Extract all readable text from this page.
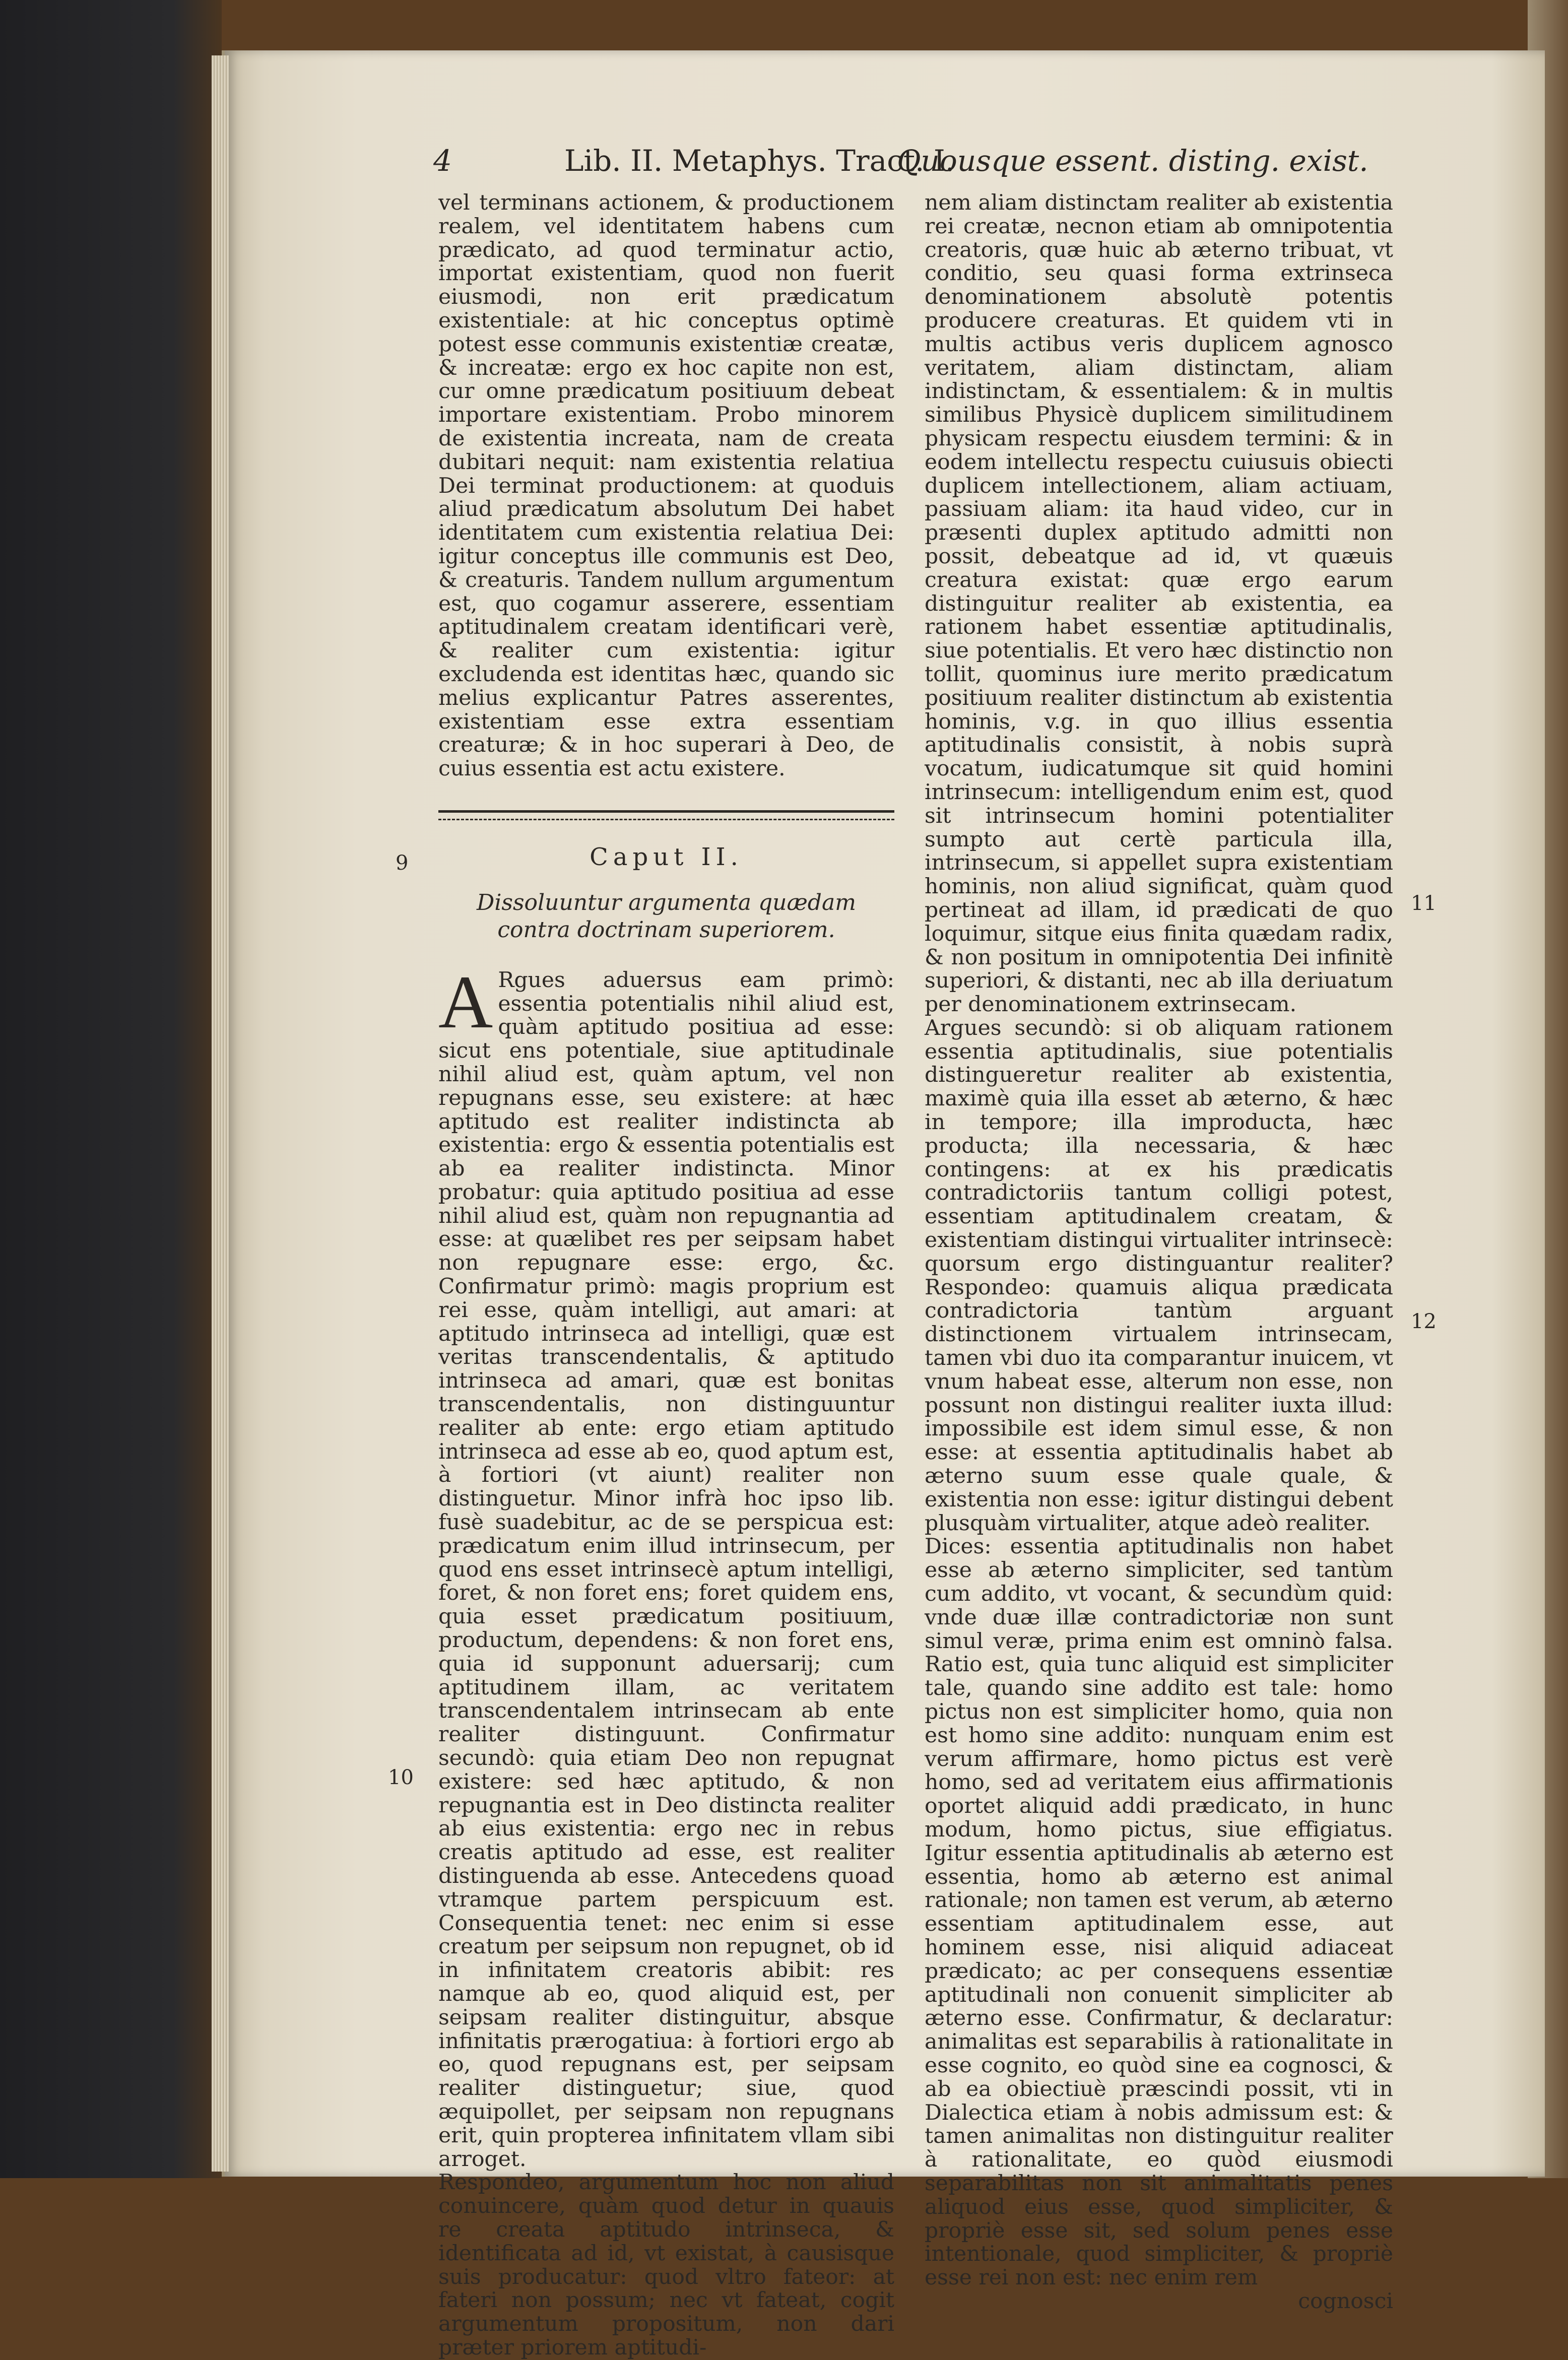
4	Lib. II. Metaphys. Tract. I.
Quousque essent. disting. exist.

vel terminans actionem, & productionem realem, vel identitatem habens cum prædicato, ad quod terminatur actio, importat existentiam, quod non fuerit eiusmodi, non erit prædicatum existentiale: at hic conceptus optimè potest esse communis existentiæ creatæ, & increatæ: ergo ex hoc capite non est, cur omne prædicatum positiuum debeat importare existentiam. Probo minorem de existentia increata, nam de creata dubitari nequit: nam existentia relatiua Dei terminat productionem: at quoduis aliud prædicatum absolutum Dei habet identitatem cum existentia relatiua Dei: igitur conceptus ille communis est Deo, & creaturis. Tandem nullum argumentum est, quo cogamur asserere, essentiam aptitudinalem creatam identificari verè, & realiter cum existentia: igitur excludenda est identitas hæc, quando sic melius explicantur Patres asserentes, existentiam esse extra essentiam creaturæ; & in hoc superari à Deo, de cuius essentia est actu existere.

Caput II.
Dissoluuntur argumenta quædam contra doctrinam superiorem.

A Rgues aduersus eam primò: essentia potentialis nihil aliud est, quàm aptitudo positiua ad esse: sicut ens potentiale, siue aptitudinale nihil aliud est, quàm aptum, vel non repugnans esse, seu existere: at hæc aptitudo est realiter indistincta ab existentia: ergo & essentia potentialis est ab ea realiter indistincta. Minor probatur: quia aptitudo positiua ad esse nihil aliud est, quàm non repugnantia ad esse: at quælibet res per seipsam habet non repugnare esse: ergo, &c. Confirmatur primò: magis proprium est rei esse, quàm intelligi, aut amari: at aptitudo intrinseca ad intelligi, quæ est veritas transcendentalis, & aptitudo intrinseca ad amari, quæ est bonitas transcendentalis, non distinguuntur realiter ab ente: ergo etiam aptitudo intrinseca ad esse ab eo, quod aptum est, à fortiori (vt aiunt) realiter non distinguetur. Minor infrà hoc ipso lib. fusè suadebitur, ac de se perspicua est: prædicatum enim illud intrinsecum, per quod ens esset intrinsecè aptum intelligi, foret, & non foret ens; foret quidem ens, quia esset prædicatum positiuum, productum, dependens: & non foret ens, quia id supponunt aduersarij; cum aptitudinem illam, ac veritatem transcendentalem intrinsecam ab ente realiter distinguunt. Confirmatur secundò: quia etiam Deo non repugnat existere: sed hæc aptitudo, & non repugnantia est in Deo distincta realiter ab eius existentia: ergo nec in rebus creatis aptitudo ad esse, est realiter distinguenda ab esse. Antecedens quoad vtramque partem perspicuum est. Consequentia tenet: nec enim si esse creatum per seipsum non repugnet, ob id in infinitatem creatoris abibit: res namque ab eo, quod aliquid est, per seipsam realiter distinguitur, absque infinitatis prærogatiua: à fortiori ergo ab eo, quod repugnans est, per seipsam realiter distinguetur; siue, quod æquipollet, per seipsam non repugnans erit, quin propterea infinitatem vllam sibi arroget.

Respondeo, argumentum hoc non aliud conuincere, quàm quod detur in quauis re creata aptitudo intrinseca, & identificata ad id, vt existat, à causisque suis producatur: quod vltro fateor: at fateri non possum; nec vt fateat, cogit argumentum propositum, non dari præter priorem aptitudi-

nem aliam distinctam realiter ab existentia rei creatæ, necnon etiam ab omnipotentia creatoris, quæ huic ab æterno tribuat, vt conditio, seu quasi forma extrinseca denominationem absolutè potentis producere creaturas. Et quidem vti in multis actibus veris duplicem agnosco veritatem, aliam distinctam, aliam indistinctam, & essentialem: & in multis similibus Physicè duplicem similitudinem physicam respectu eiusdem termini: & in eodem intellectu respectu cuiusuis obiecti duplicem intellectionem, aliam actiuam, passiuam aliam: ita haud video, cur in præsenti duplex aptitudo admitti non possit, debeatque ad id, vt quæuis creatura existat: quæ ergo earum distinguitur realiter ab existentia, ea rationem habet essentiæ aptitudinalis, siue potentialis. Et vero hæc distinctio non tollit, quominus iure merito prædicatum positiuum realiter distinctum ab existentia hominis, v.g. in quo illius essentia aptitudinalis consistit, à nobis suprà vocatum, iudicatumque sit quid homini intrinsecum: intelligendum enim est, quod sit intrinsecum homini potentialiter sumpto aut certè particula illa, intrinsecum, si appellet supra existentiam hominis, non aliud significat, quàm quod pertineat ad illam, id prædicati de quo loquimur, sitque eius finita quædam radix, & non positum in omnipotentia Dei infinitè superiori, & distanti, nec ab illa deriuatum per denominationem extrinsecam.

Argues secundò: si ob aliquam rationem essentia aptitudinalis, siue potentialis distingueretur realiter ab existentia, maximè quia illa esset ab æterno, & hæc in tempore; illa improducta, hæc producta; illa necessaria, & hæc contingens: at ex his prædicatis contradictoriis tantum colligi potest, essentiam aptitudinalem creatam, & existentiam distingui virtualiter intrinsecè: quorsum ergo distinguantur realiter? Respondeo: quamuis aliqua prædicata contradictoria tantùm arguant distinctionem virtualem intrinsecam, tamen vbi duo ita comparantur inuicem, vt vnum habeat esse, alterum non esse, non possunt non distingui realiter iuxta illud: impossibile est idem simul esse, & non esse: at essentia aptitudinalis habet ab æterno suum esse quale quale, & existentia non esse: igitur distingui debent plusquàm virtualiter, atque adeò realiter.

Dices: essentia aptitudinalis non habet esse ab æterno simpliciter, sed tantùm cum addito, vt vocant, & secundùm quid: vnde duæ illæ contradictoriæ non sunt simul veræ, prima enim est omninò falsa. Ratio est, quia tunc aliquid est simpliciter tale, quando sine addito est tale: homo pictus non est simpliciter homo, quia non est homo sine addito: nunquam enim est verum affirmare, homo pictus est verè homo, sed ad veritatem eius affirmationis oportet aliquid addi prædicato, in hunc modum, homo pictus, siue effigiatus. Igitur essentia aptitudinalis ab æterno est essentia, homo ab æterno est animal rationale; non tamen est verum, ab æterno essentiam aptitudinalem esse, aut hominem esse, nisi aliquid adiaceat prædicato; ac per consequens essentiæ aptitudinali non conuenit simpliciter ab æterno esse. Confirmatur, & declaratur: animalitas est separabilis à rationalitate in esse cognito, eo quòd sine ea cognosci, & ab ea obiectiuè præscindi possit, vti in Dialectica etiam à nobis admissum est: & tamen animalitas non distinguitur realiter à rationalitate, eo quòd eiusmodi separabilitas non sit animalitatis penes aliquod eius esse, quod simpliciter, & propriè esse sit, sed solum penes esse intentionale, quod simpliciter, & propriè esse rei non est: nec enim rem

cognosci

9
10
11
12
